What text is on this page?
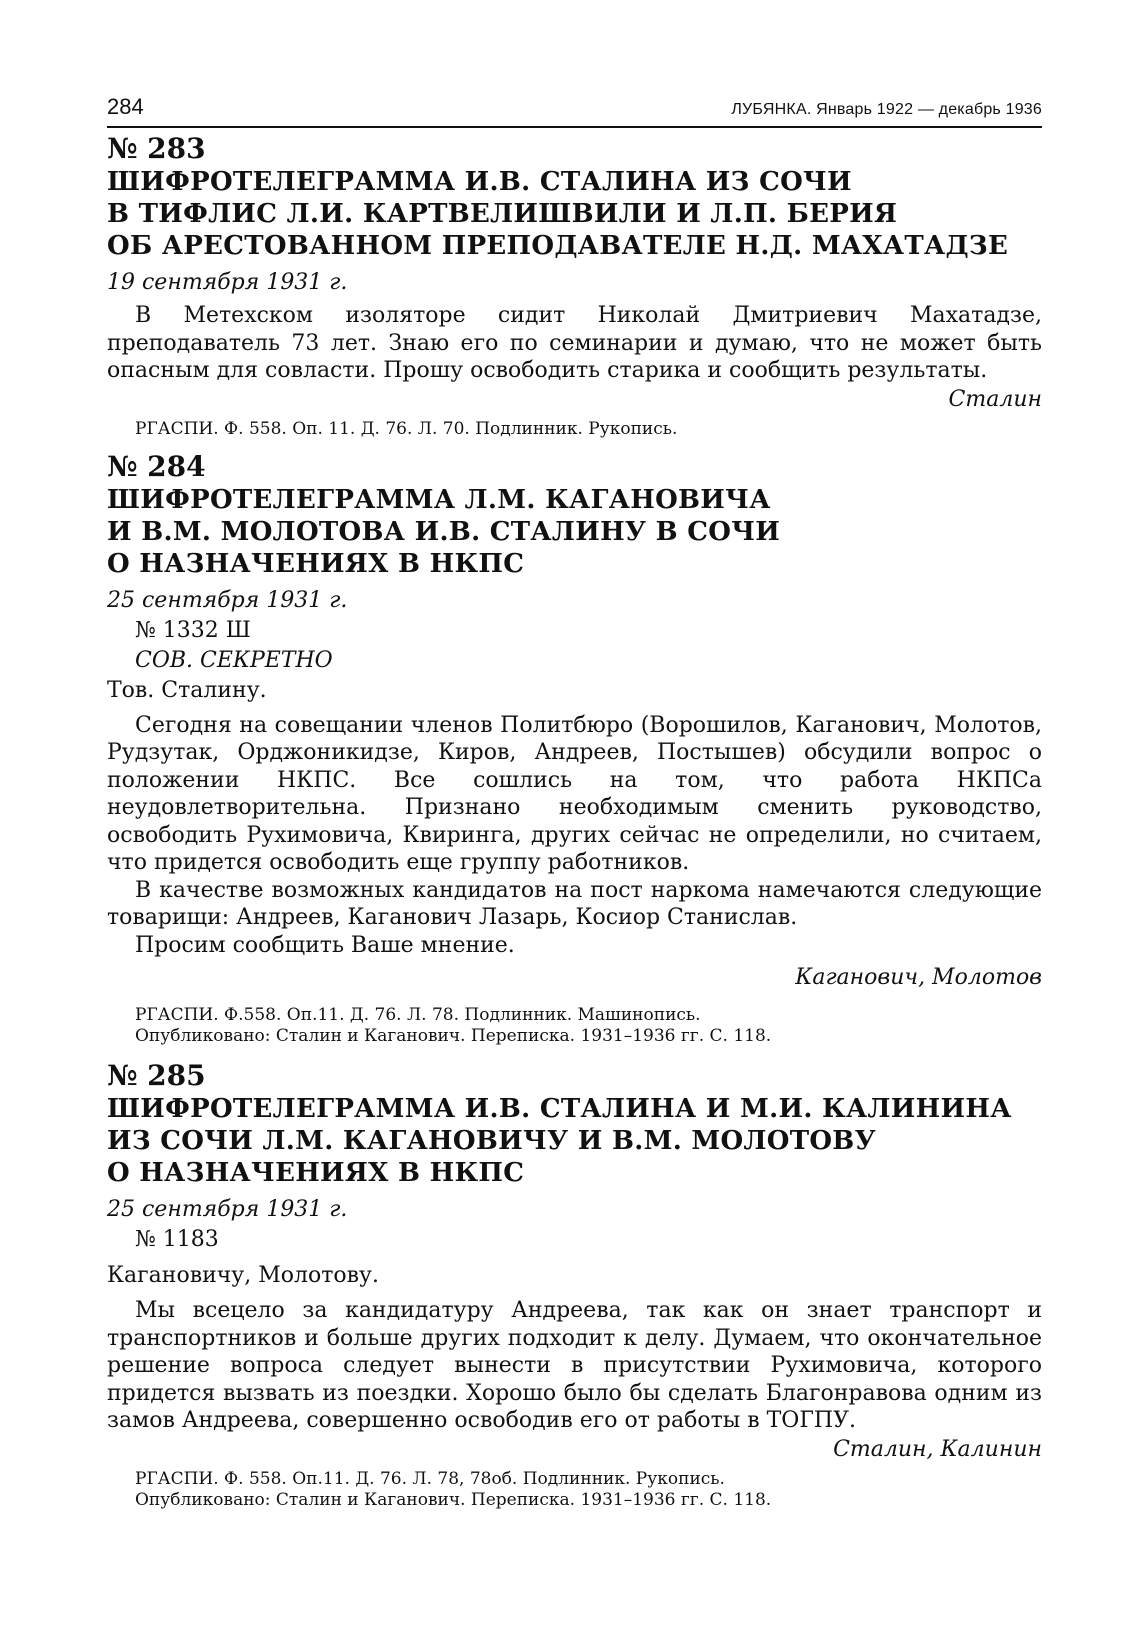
284	ЛУБЯНКА. Январь 1922 — декабрь 1936

№ 283

ШИФРОТЕЛЕГРАММА И.В. СТАЛИНА ИЗ СОЧИ
В ТИФЛИС Л.И. КАРТВЕЛИШВИЛИ И Л.П. БЕРИЯ
ОБ АРЕСТОВАННОМ ПРЕПОДАВАТЕЛЕ Н.Д. МАХАТАДЗЕ

19 сентября 1931 г.

В Метехском изоляторе сидит Николай Дмитриевич Махатадзе, преподаватель 73 лет. Знаю его по семинарии и думаю, что не может быть опасным для совласти. Прошу освободить старика и сообщить результаты.

Сталин

РГАСПИ. Ф. 558. Оп. 11. Д. 76. Л. 70. Подлинник. Рукопись.

№ 284

ШИФРОТЕЛЕГРАММА Л.М. КАГАНОВИЧА
И В.М. МОЛОТОВА И.В. СТАЛИНУ В СОЧИ
О НАЗНАЧЕНИЯХ В НКПС

25 сентября 1931 г.

№ 1332 Ш

СОВ. СЕКРЕТНО

Тов. Сталину.

Сегодня на совещании членов Политбюро (Ворошилов, Каганович, Молотов, Рудзутак, Орджоникидзе, Киров, Андреев, Постышев) обсудили вопрос о положении НКПС. Все сошлись на том, что работа НКПСа неудовлетворительна. Признано необходимым сменить руководство, освободить Рухимовича, Квиринга, других сейчас не определили, но считаем, что придется освободить еще группу работников.

В качестве возможных кандидатов на пост наркома намечаются следующие товарищи: Андреев, Каганович Лазарь, Косиор Станислав.

Просим сообщить Ваше мнение.

Каганович, Молотов

РГАСПИ. Ф.558. Оп.11. Д. 76. Л. 78. Подлинник. Машинопись.

Опубликовано: Сталин и Каганович. Переписка. 1931–1936 гг. С. 118.

№ 285

ШИФРОТЕЛЕГРАММА И.В. СТАЛИНА И М.И. КАЛИНИНА
ИЗ СОЧИ Л.М. КАГАНОВИЧУ И В.М. МОЛОТОВУ
О НАЗНАЧЕНИЯХ В НКПС

25 сентября 1931 г.

№ 1183

Кагановичу, Молотову.

Мы всецело за кандидатуру Андреева, так как он знает транспорт и транспортников и больше других подходит к делу. Думаем, что окончательное решение вопроса следует вынести в присутствии Рухимовича, которого придется вызвать из поездки. Хорошо было бы сделать Благонравова одним из замов Андреева, совершенно освободив его от работы в ТОГПУ.

Сталин, Калинин

РГАСПИ. Ф. 558. Оп.11. Д. 76. Л. 78, 78об. Подлинник. Рукопись.

Опубликовано: Сталин и Каганович. Переписка. 1931–1936 гг. С. 118.
